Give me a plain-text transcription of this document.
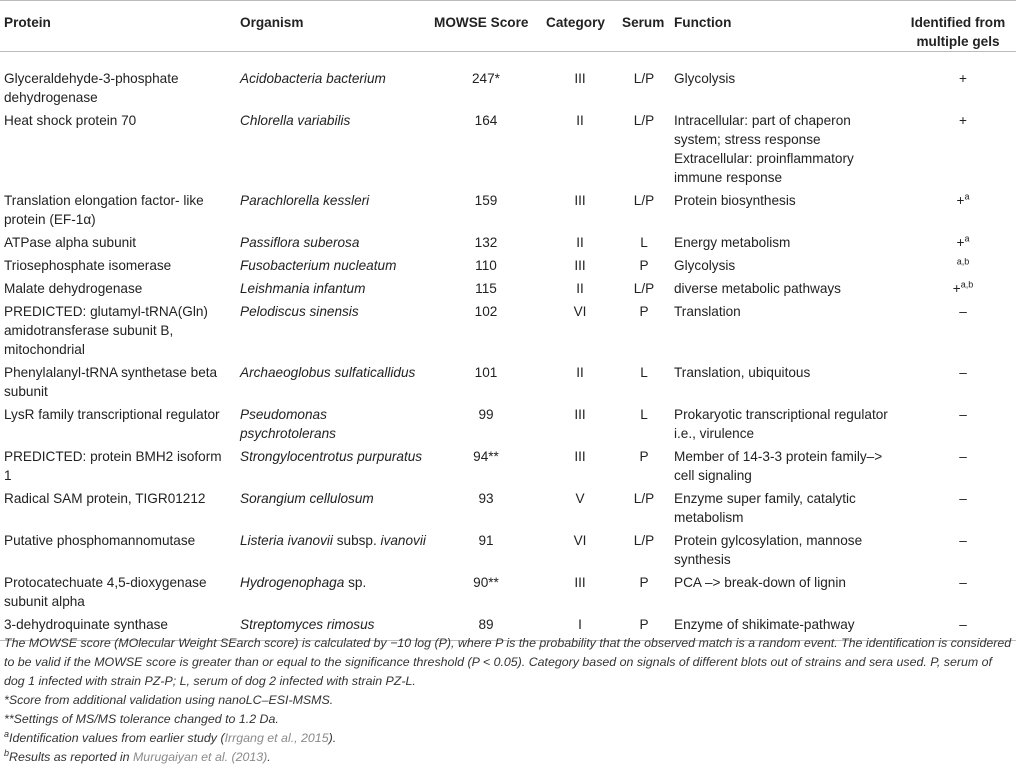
Protein	Organism	MOWSE Score	Category	Serum	Function	Identified from multiple gels
Glyceraldehyde-3-phosphate dehydrogenase	Acidobacteria bacterium	247*	III	L/P	Glycolysis	+
Heat shock protein 70	Chlorella variabilis	164	II	L/P	Intracellular: part of chaperon system; stress response Extracellular: proinflammatory immune response	+
Translation elongation factor- like protein (EF-1α)	Parachlorella kessleri	159	III	L/P	Protein biosynthesis	+$^a$
ATPase alpha subunit	Passiflora suberosa	132	II	L	Energy metabolism	+$^a$
Triosephosphate isomerase	Fusobacterium nucleatum	110	III	P	Glycolysis	$^{a,b}$
Malate dehydrogenase	Leishmania infantum	115	II	L/P	diverse metabolic pathways	+$^{a,b}$
PREDICTED: glutamyl-tRNA(Gln) amidotransferase subunit B, mitochondrial	Pelodiscus sinensis	102	VI	P	Translation	–
Phenylalanyl-tRNA synthetase beta subunit	Archaeoglobus sulfaticallidus	101	II	L	Translation, ubiquitous	–
LysR family transcriptional regulator	Pseudomonas psychrotolerans	99	III	L	Prokaryotic transcriptional regulator i.e., virulence	–
PREDICTED: protein BMH2 isoform 1	Strongylocentrotus purpuratus	94**	III	P	Member of 14-3-3 protein family–> cell signaling	–
Radical SAM protein, TIGR01212	Sorangium cellulosum	93	V	L/P	Enzyme super family, catalytic metabolism	–
Putative phosphomannomutase	Listeria ivanovii subsp. ivanovii	91	VI	L/P	Protein gylcosylation, mannose synthesis	–
Protocatechuate 4,5-dioxygenase subunit alpha	Hydrogenophaga sp.	90**	III	P	PCA –> break-down of lignin	–
3-dehydroquinate synthase	Streptomyces rimosus	89	I	P	Enzyme of shikimate-pathway	–

The MOWSE score (MOlecular Weight SEarch score) is calculated by −10 log (P), where P is the probability that the observed match is a random event. The identification is considered to be valid if the MOWSE score is greater than or equal to the significance threshold (P < 0.05). Category based on signals of different blots out of strains and sera used. P, serum of dog 1 infected with strain PZ-P; L, serum of dog 2 infected with strain PZ-L.

*Score from additional validation using nanoLC–ESI-MSMS.

**Settings of MS/MS tolerance changed to 1.2 Da.

$^a$Identification values from earlier study (Irrgang et al., 2015).

$^b$Results as reported in Murugaiyan et al. (2013).
